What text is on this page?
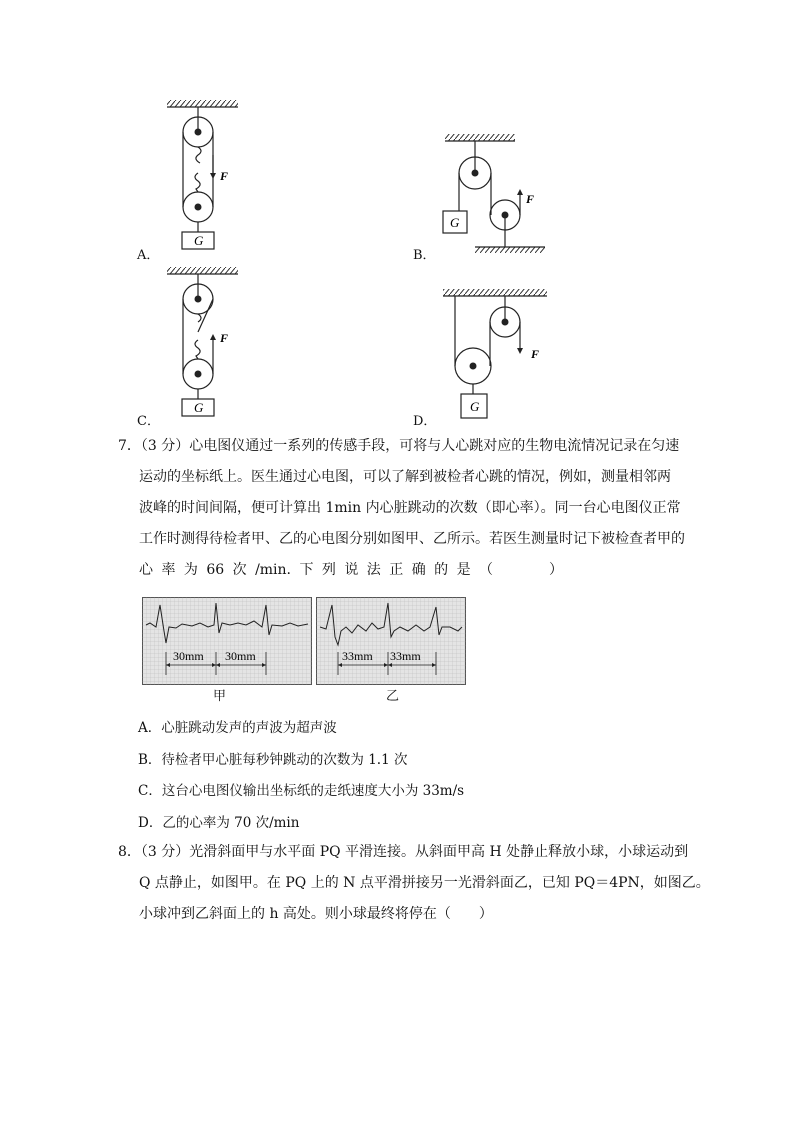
F
G
A．
G
F
B．
F
G
C．
F
G
D．
7．（3 分）心电图仪通过一系列的传感手段，可将与人心跳对应的生物电流情况记录在匀速
运动的坐标纸上。医生通过心电图，可以了解到被检者心跳的情况，例如，测量相邻两
波峰的时间间隔，便可计算出 1min 内心脏跳动的次数（即心率）。同一台心电图仪正常
工作时测得待检者甲、乙的心电图分别如图甲、乙所示。若医生测量时记下被检查者甲的
心 率 为 66 次 /min. 下 列 说 法 正 确 的 是 （　　　　）
30mm 30mm
甲
33mm 33mm
乙
A．心脏跳动发声的声波为超声波
B．待检者甲心脏每秒钟跳动的次数为 1.1 次
C．这台心电图仪输出坐标纸的走纸速度大小为 33m/s
D．乙的心率为 70 次/min
8．（3 分）光滑斜面甲与水平面 PQ 平滑连接。从斜面甲高 H 处静止释放小球，小球运动到
Q 点静止，如图甲。在 PQ 上的 N 点平滑拼接另一光滑斜面乙，已知 PQ＝4PN，如图乙。
小球冲到乙斜面上的 h 高处。则小球最终将停在（　　）
